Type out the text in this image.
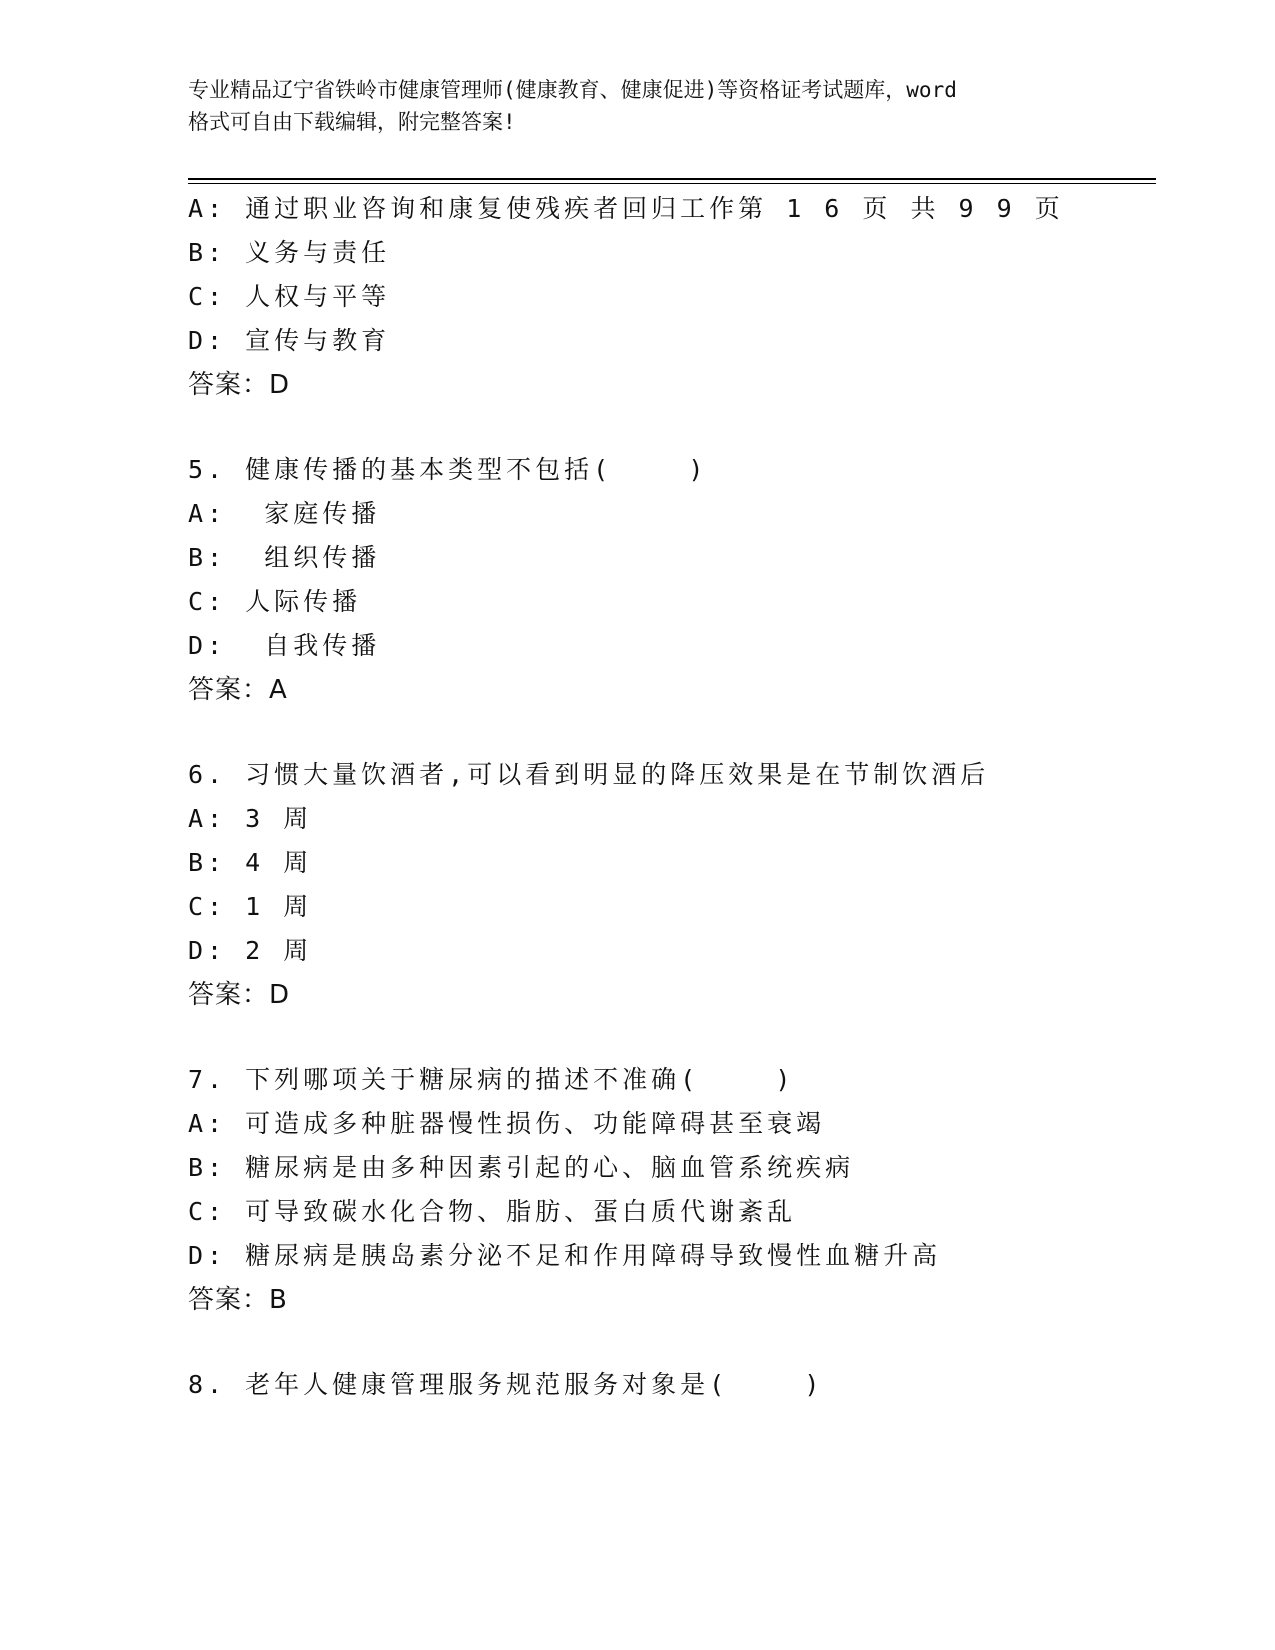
专业精品辽宁省铁岭市健康管理师(健康教育、健康促进)等资格证考试题库，word
格式可自由下载编辑，附完整答案!
A: 通过职业咨询和康复使残疾者回归工作第 1 6 页 共 9 9 页
B: 义务与责任
C: 人权与平等
D: 宣传与教育
答案：D
5. 健康传播的基本类型不包括(    )
A:  家庭传播
B:  组织传播
C: 人际传播
D:  自我传播
答案：A
6. 习惯大量饮酒者,可以看到明显的降压效果是在节制饮酒后
A: 3 周
B: 4 周
C: 1 周
D: 2 周
答案：D
7. 下列哪项关于糖尿病的描述不准确(    )
A: 可造成多种脏器慢性损伤、功能障碍甚至衰竭
B: 糖尿病是由多种因素引起的心、脑血管系统疾病
C: 可导致碳水化合物、脂肪、蛋白质代谢紊乱
D: 糖尿病是胰岛素分泌不足和作用障碍导致慢性血糖升高
答案：B
8. 老年人健康管理服务规范服务对象是(    )
